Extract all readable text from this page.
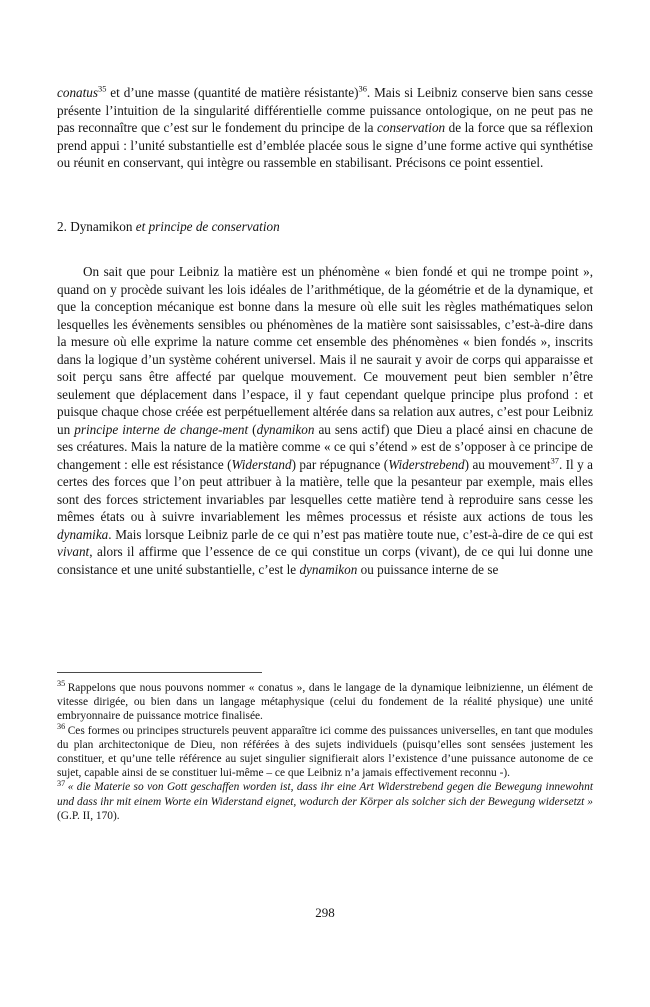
conatus$^{35}$ et d’une masse (quantité de matière résistante)$^{36}$. Mais si Leibniz conserve bien sans cesse présente l’intuition de la singularité différentielle comme puissance ontologique, on ne peut pas ne pas reconnaître que c’est sur le fondement du principe de la conservation de la force que sa réflexion prend appui : l’unité substantielle est d’emblée placée sous le signe d’une forme active qui synthétise ou réunit en conservant, qui intègre ou rassemble en stabilisant. Précisons ce point essentiel.

2. Dynamikon et principe de conservation

On sait que pour Leibniz la matière est un phénomène « bien fondé et qui ne trompe point », quand on y procède suivant les lois idéales de l’arithmétique, de la géométrie et de la dynamique, et que la conception mécanique est bonne dans la mesure où elle suit les règles mathématiques selon lesquelles les évènements sensibles ou phénomènes de la matière sont saisissables, c’est-à-dire dans la mesure où elle exprime la nature comme cet ensemble des phénomènes « bien fondés », inscrits dans la logique d’un système cohérent universel. Mais il ne saurait y avoir de corps qui apparaisse et soit perçu sans être affecté par quelque mouvement. Ce mouvement peut bien sembler n’être seulement que déplacement dans l’espace, il y faut cependant quelque principe plus profond : et puisque chaque chose créée est perpétuellement altérée dans sa relation aux autres, c’est pour Leibniz un principe interne de change-ment (dynamikon au sens actif) que Dieu a placé ainsi en chacune de ses créatures. Mais la nature de la matière comme « ce qui s’étend » est de s’opposer à ce principe de changement : elle est résistance (Widerstand) par répugnance (Widerstrebend) au mouvement$^{37}$. Il y a certes des forces que l’on peut attribuer à la matière, telle que la pesanteur par exemple, mais elles sont des forces strictement invariables par lesquelles cette matière tend à reproduire sans cesse les mêmes états ou à suivre invariablement les mêmes processus et résiste aux actions de tous les dynamika. Mais lorsque Leibniz parle de ce qui n’est pas matière toute nue, c’est-à-dire de ce qui est vivant, alors il affirme que l’essence de ce qui constitue un corps (vivant), de ce qui lui donne une consistance et une unité substantielle, c’est le dynamikon ou puissance interne de se

$^{35}$ Rappelons que nous pouvons nommer « conatus », dans le langage de la dynamique leibnizienne, un élément de vitesse dirigée, ou bien dans un langage métaphysique (celui du fondement de la réalité physique) une unité embryonnaire de puissance motrice finalisée.

$^{36}$ Ces formes ou principes structurels peuvent apparaître ici comme des puissances universelles, en tant que modules du plan architectonique de Dieu, non référées à des sujets individuels (puisqu’elles sont sensées justement les constituer, et qu’une telle référence au sujet singulier signifierait alors l’existence d’une puissance autonome de ce sujet, capable ainsi de se constituer lui-même – ce que Leibniz n’a jamais effectivement reconnu -).

$^{37}$ « die Materie so von Gott geschaffen worden ist, dass ihr eine Art Widerstrebend gegen die Bewegung innewohnt und dass ihr mit einem Worte ein Widerstand eignet, wodurch der Körper als solcher sich der Bewegung widersetzt » (G.P. II, 170).

298
